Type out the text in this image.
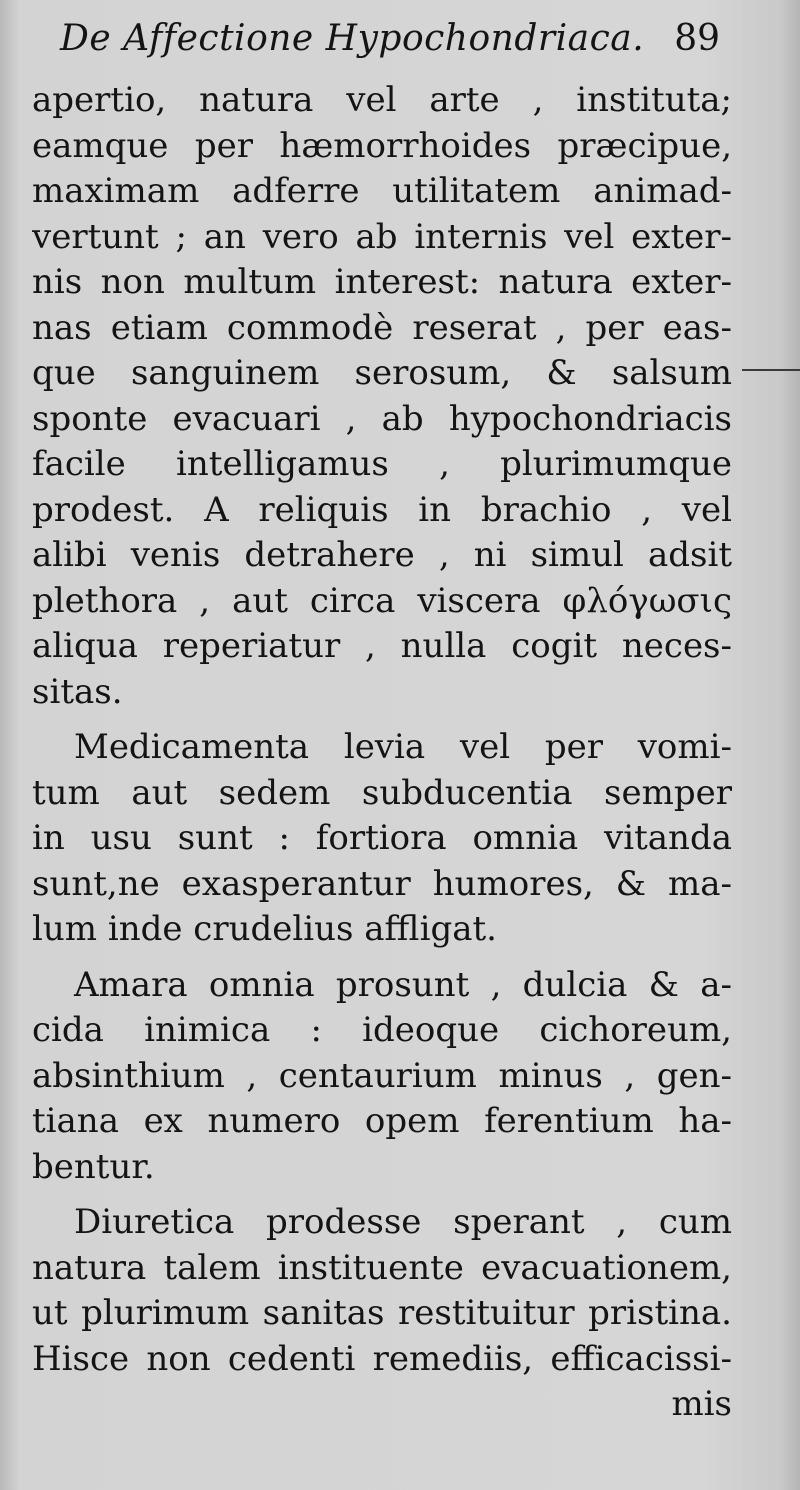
De Affectione Hypochondriaca. 89
apertio, natura vel arte , instituta;
eamque per hæmorrhoides præcipue,
maximam adferre utilitatem animad-
vertunt ; an vero ab internis vel exter-
nis non multum interest: natura exter-
nas etiam commodè reserat , per eas-
que sanguinem serosum, & salsum
sponte evacuari , ab hypochondriacis
facile intelligamus , plurimumque
prodest. A reliquis in brachio , vel
alibi venis detrahere , ni simul adsit
plethora , aut circa viscera φλόγωσις
aliqua reperiatur , nulla cogit neces-
sitas.
Medicamenta levia vel per vomi-
tum aut sedem subducentia semper
in usu sunt : fortiora omnia vitanda
sunt,ne exasperantur humores, & ma-
lum inde crudelius affligat.
Amara omnia prosunt , dulcia & a-
cida inimica : ideoque cichoreum,
absinthium , centaurium minus , gen-
tiana ex numero opem ferentium ha-
bentur.
Diuretica prodesse sperant , cum
natura talem instituente evacuationem,
ut plurimum sanitas restituitur pristina.
Hisce non cedenti remediis, efficacissi-
mis
